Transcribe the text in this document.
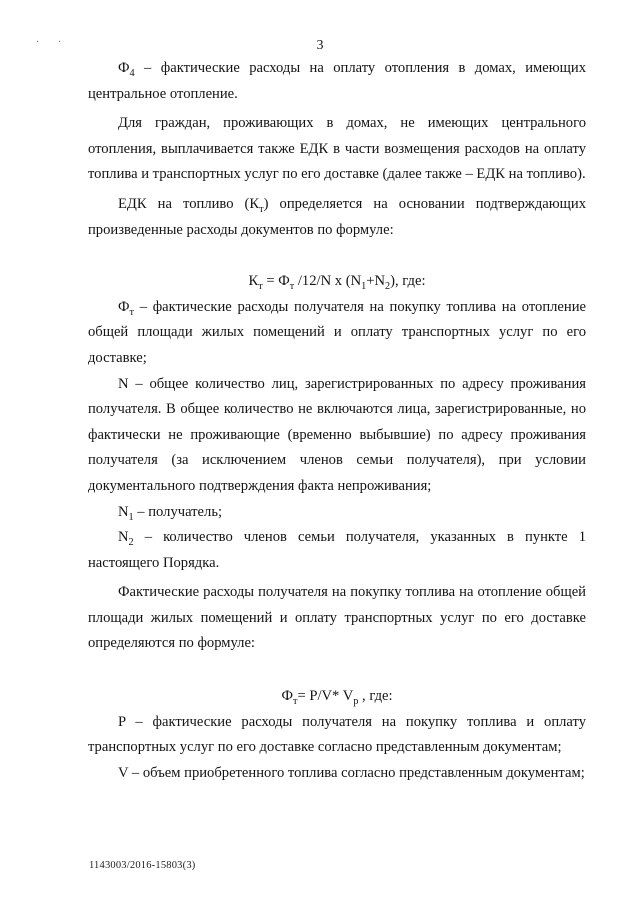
· ·	3

$Ф_4$ – фактические расходы на оплату отопления в домах, имеющих центральное отопление.

Для граждан, проживающих в домах, не имеющих центрального отопления, выплачивается также ЕДК в части возмещения расходов на оплату топлива и транспортных услуг по его доставке (далее также – ЕДК на топливо).

ЕДК на топливо $(К_т)$ определяется на основании подтверждающих произведенные расходы документов по формуле:

$К_т = Ф_т$ /12/N x $(N_1+N_2)$, где:

$Ф_т$ – фактические расходы получателя на покупку топлива на отопление общей площади жилых помещений и оплату транспортных услуг по его доставке;

N – общее количество лиц, зарегистрированных по адресу проживания получателя. В общее количество не включаются лица, зарегистрированные, но фактически не проживающие (временно выбывшие) по адресу проживания получателя (за исключением членов семьи получателя), при условии документального подтверждения факта непроживания;

$N_1$ – получатель;

$N_2$ – количество членов семьи получателя, указанных в пункте 1 настоящего Порядка.

Фактические расходы получателя на покупку топлива на отопление общей площади жилых помещений и оплату транспортных услуг по его доставке определяются по формуле:

$Ф_т= P/V*$ $V_p$ , где:

P – фактические расходы получателя на покупку топлива и оплату транспортных услуг по его доставке согласно представленным документам;

V – объем приобретенного топлива согласно представленным документам;

1143003/2016-15803(3)
